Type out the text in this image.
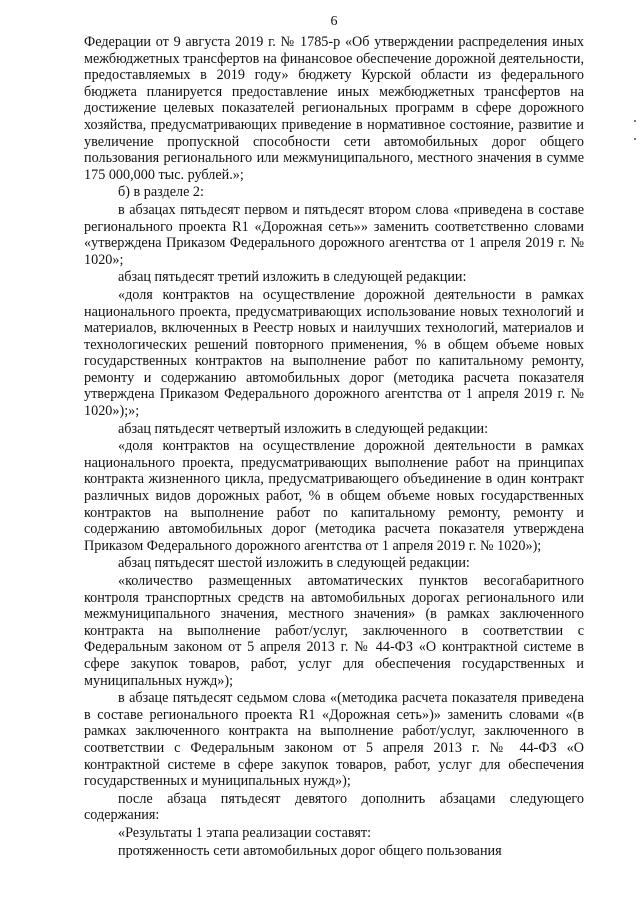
6

Федерации от 9 августа 2019 г. № 1785-р «Об утверждении распределения иных межбюджетных трансфертов на финансовое обеспечение дорожной деятельности, предоставляемых в 2019 году» бюджету Курской области из федерального бюджета планируется предоставление иных межбюджетных трансфертов на достижение целевых показателей региональных программ в сфере дорожного хозяйства, предусматривающих приведение в нормативное состояние, развитие и увеличение пропускной способности сети автомобильных дорог общего пользования регионального или межмуниципального, местного значения в сумме 175 000,000 тыс. рублей.»;

б) в разделе 2:

в абзацах пятьдесят первом и пятьдесят втором слова «приведена в составе регионального проекта R1 «Дорожная сеть»» заменить соответственно словами «утверждена Приказом Федерального дорожного агентства от 1 апреля 2019 г. № 1020»;

абзац пятьдесят третий изложить в следующей редакции:

«доля контрактов на осуществление дорожной деятельности в рамках национального проекта, предусматривающих использование новых технологий и материалов, включенных в Реестр новых и наилучших технологий, материалов и технологических решений повторного применения, % в общем объеме новых государственных контрактов на выполнение работ по капитальному ремонту, ремонту и содержанию автомобильных дорог (методика расчета показателя утверждена Приказом Федерального дорожного агентства от 1 апреля 2019 г. № 1020»);»;

абзац пятьдесят четвертый изложить в следующей редакции:

«доля контрактов на осуществление дорожной деятельности в рамках национального проекта, предусматривающих выполнение работ на принципах контракта жизненного цикла, предусматривающего объединение в один контракт различных видов дорожных работ, % в общем объеме новых государственных контрактов на выполнение работ по капитальному ремонту, ремонту и содержанию автомобильных дорог (методика расчета показателя утверждена Приказом Федерального дорожного агентства от 1 апреля 2019 г. № 1020»);

абзац пятьдесят шестой изложить в следующей редакции:

«количество размещенных автоматических пунктов весогабаритного контроля транспортных средств на автомобильных дорогах регионального или межмуниципального значения, местного значения» (в рамках заключенного контракта на выполнение работ/услуг, заключенного в соответствии с Федеральным законом от 5 апреля 2013 г. № 44-ФЗ «О контрактной системе в сфере закупок товаров, работ, услуг для обеспечения государственных и муниципальных нужд»);

в абзаце пятьдесят седьмом слова «(методика расчета показателя приведена в составе регионального проекта R1 «Дорожная сеть»)» заменить словами «(в рамках заключенного контракта на выполнение работ/услуг, заключенного в соответствии с Федеральным законом от 5 апреля 2013 г. № 44-ФЗ «О контрактной системе в сфере закупок товаров, работ, услуг для обеспечения государственных и муниципальных нужд»);

после абзаца пятьдесят девятого дополнить абзацами следующего содержания:

«Результаты 1 этапа реализации составят:

протяженность сети автомобильных дорог общего пользования
